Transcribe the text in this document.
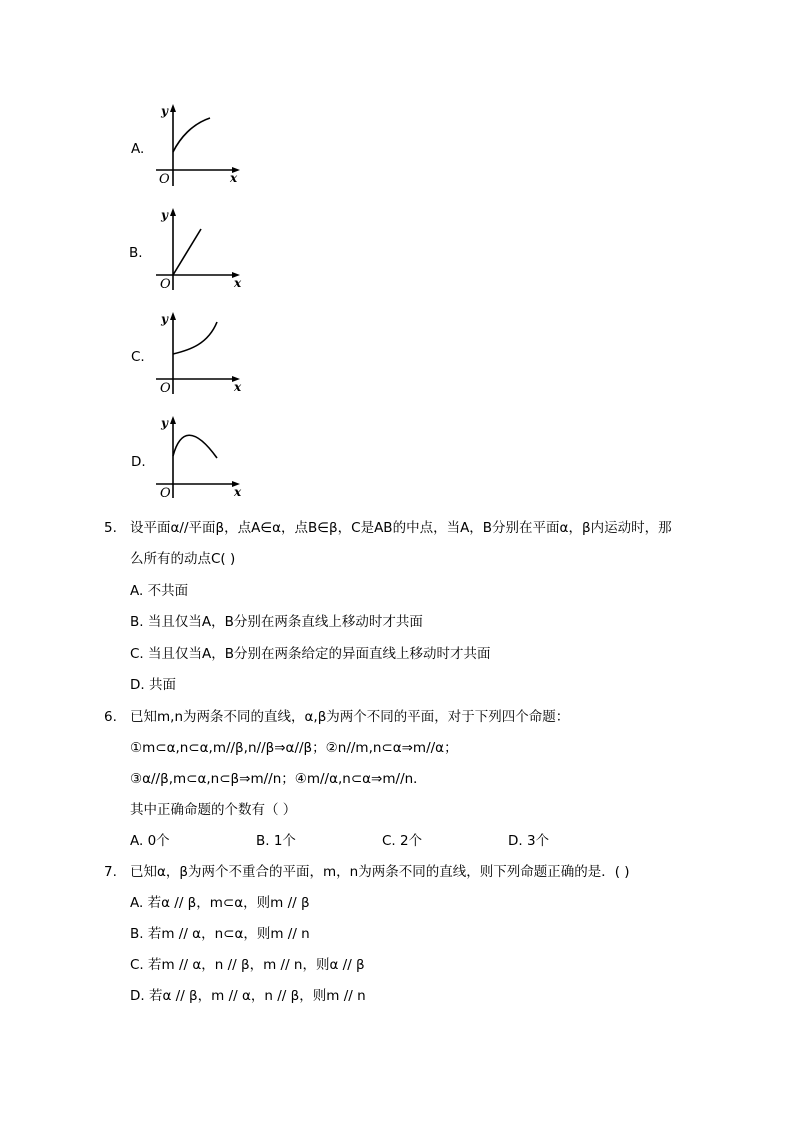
A.
y
x
O
B.
y
x
O
C.
y
x
O
D.
y
x
O
5. 设平面α//平面β，点A∈α，点B∈β，C是AB的中点，当A，B分别在平面α，β内运动时，那
么所有的动点C( )
A. 不共面
B. 当且仅当A，B分别在两条直线上移动时才共面
C. 当且仅当A，B分别在两条给定的异面直线上移动时才共面
D. 共面
6. 已知m,n为两条不同的直线，α,β为两个不同的平面，对于下列四个命题：
①m⊂α,n⊂α,m//β,n//β⇒α//β；②n//m,n⊂α⇒m//α；
③α//β,m⊂α,n⊂β⇒m//n；④m//α,n⊂α⇒m//n．
其中正确命题的个数有（ ）
A. 0个	B. 1个	C. 2个	D. 3个
7. 已知α，β为两个不重合的平面，m，n为两条不同的直线，则下列命题正确的是．( )
A. 若α // β，m⊂α，则m // β
B. 若m // α，n⊂α，则m // n
C. 若m // α，n // β，m // n，则α // β
D. 若α // β，m // α，n // β，则m // n
